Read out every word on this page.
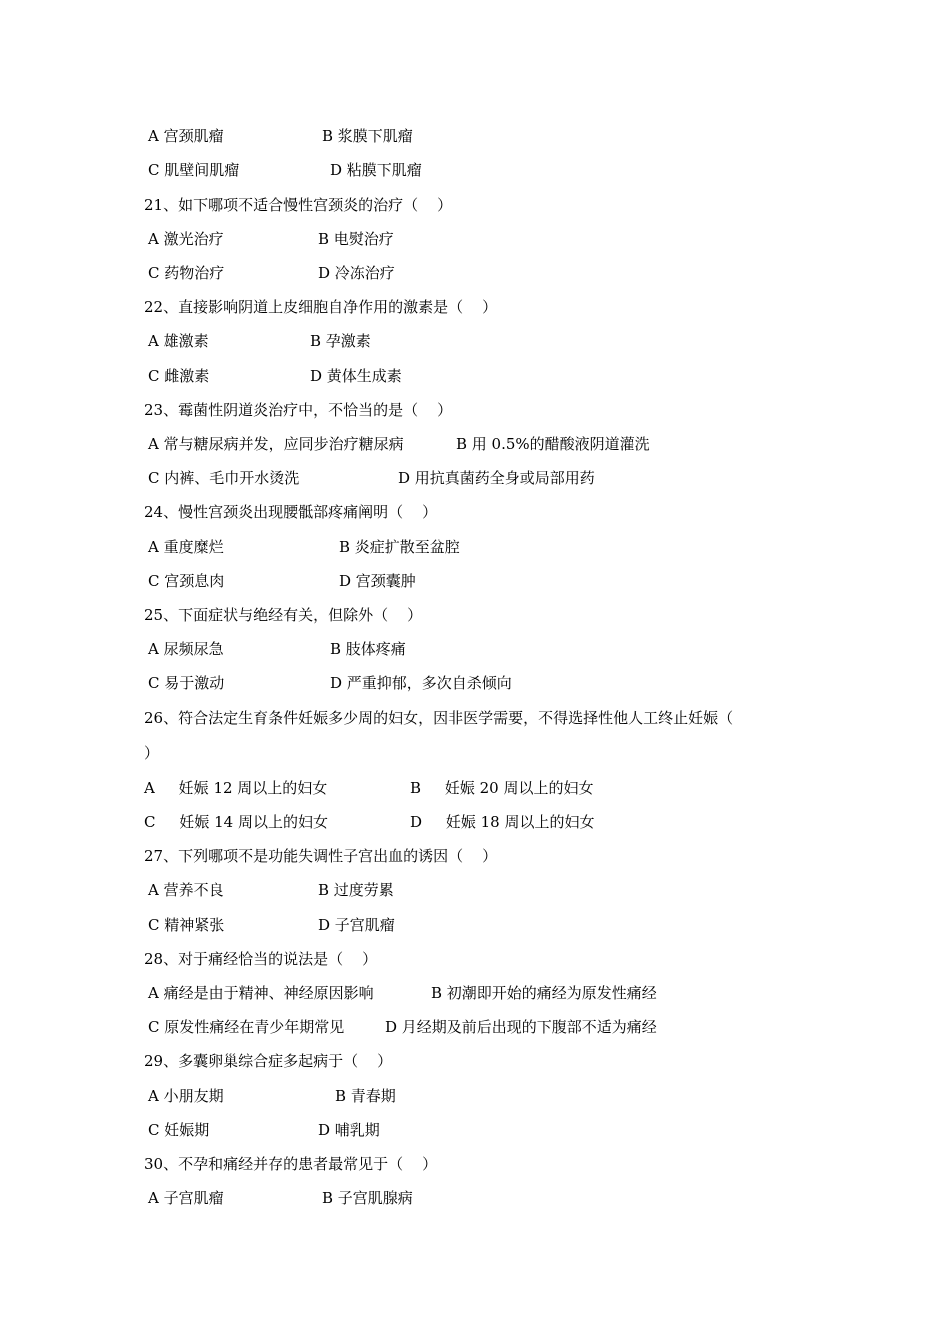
A 宫颈肌瘤	B 浆膜下肌瘤
C 肌壁间肌瘤	D 粘膜下肌瘤
21、如下哪项不适合慢性宫颈炎的治疗（    ）
A 激光治疗	B 电熨治疗
C 药物治疗	D 冷冻治疗
22、直接影响阴道上皮细胞自净作用的激素是（    ）
A 雄激素	B 孕激素
C 雌激素	D 黄体生成素
23、霉菌性阴道炎治疗中，不恰当的是（    ）
A 常与糖尿病并发，应同步治疗糖尿病	B 用 0.5%的醋酸液阴道灌洗
C 内裤、毛巾开水烫洗	D 用抗真菌药全身或局部用药
24、慢性宫颈炎出现腰骶部疼痛阐明（    ）
A 重度糜烂	B 炎症扩散至盆腔
C 宫颈息肉	D 宫颈囊肿
25、下面症状与绝经有关，但除外（    ）
A 尿频尿急	B 肢体疼痛
C 易于激动	D 严重抑郁，多次自杀倾向
26、符合法定生育条件妊娠多少周的妇女，因非医学需要，不得选择性他人工终止妊娠（
）
A     妊娠 12 周以上的妇女	B     妊娠 20 周以上的妇女
C     妊娠 14 周以上的妇女	D     妊娠 18 周以上的妇女
27、下列哪项不是功能失调性子宫出血的诱因（    ）
A 营养不良	B 过度劳累
C 精神紧张	D 子宫肌瘤
28、对于痛经恰当的说法是（    ）
A 痛经是由于精神、神经原因影响	B 初潮即开始的痛经为原发性痛经
C 原发性痛经在青少年期常见	D 月经期及前后出现的下腹部不适为痛经
29、多囊卵巢综合症多起病于（    ）
A 小朋友期	B 青春期
C 妊娠期	D 哺乳期
30、不孕和痛经并存的患者最常见于（    ）
A 子宫肌瘤	B 子宫肌腺病
